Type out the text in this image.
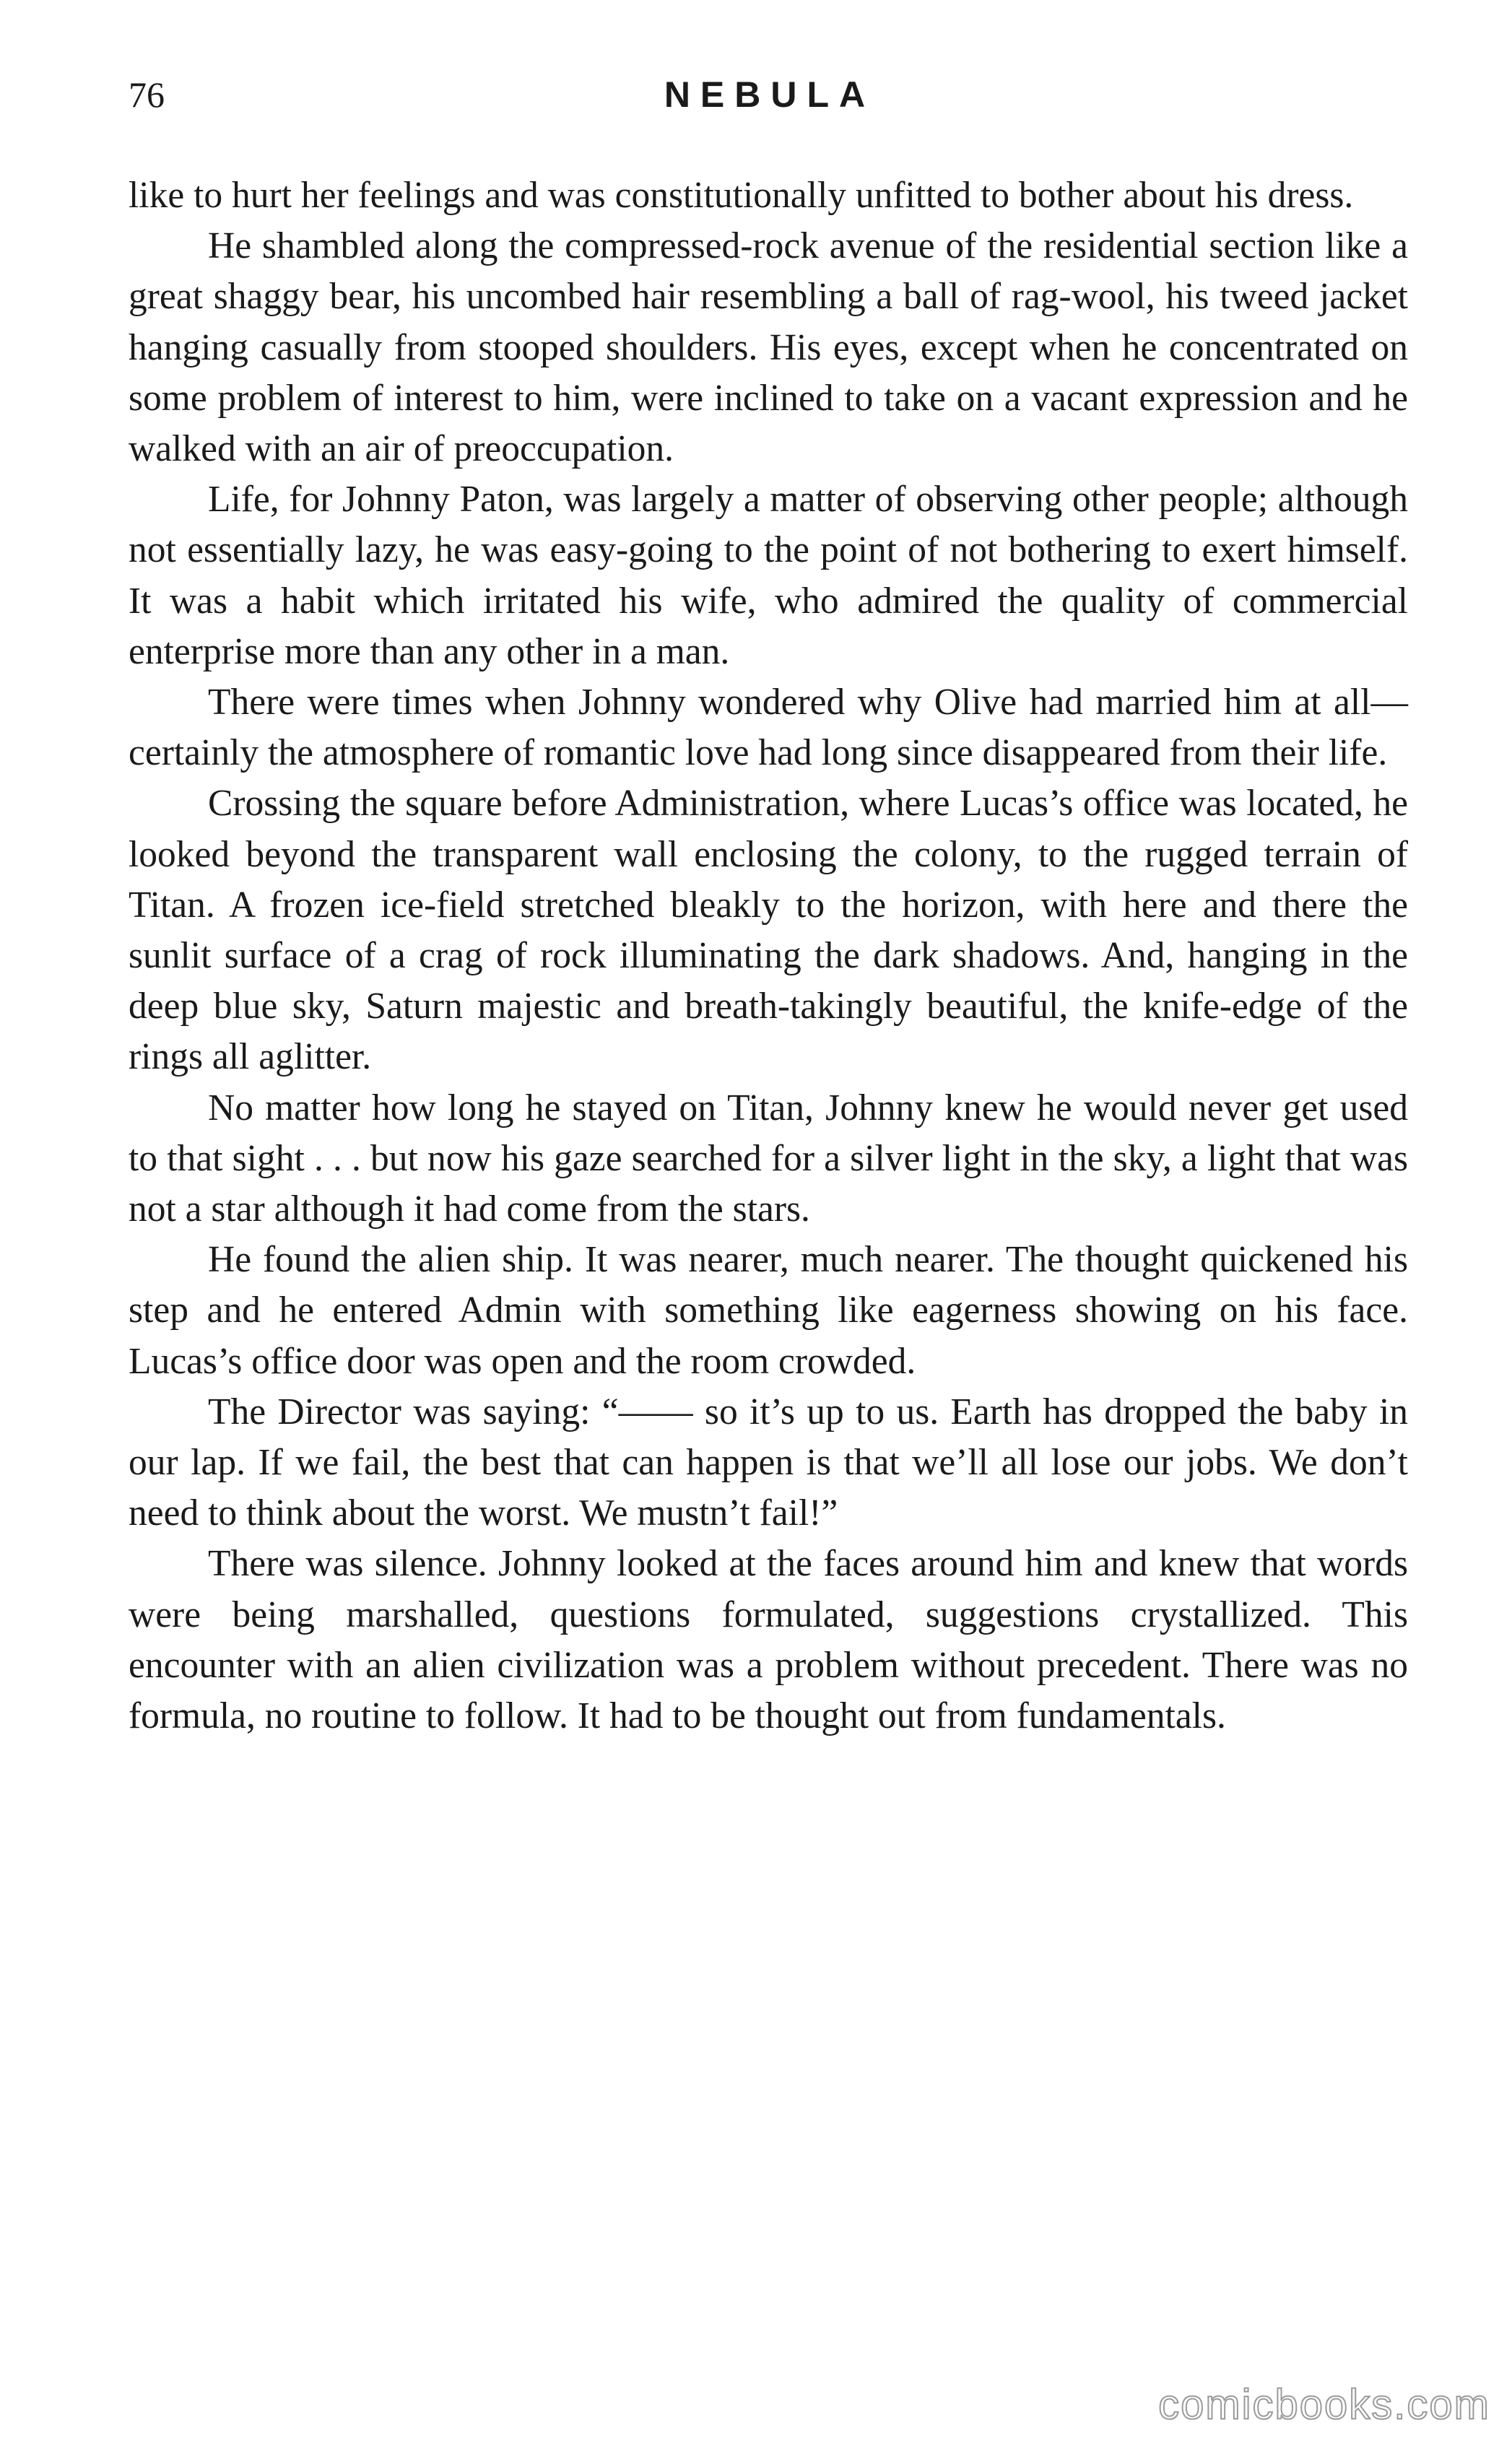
76	NEBULA

like to hurt her feelings and was constitutionally unfitted to bother about his dress.

He shambled along the compressed-rock avenue of the residential section like a great shaggy bear, his uncombed hair resembling a ball of rag-wool, his tweed jacket hanging casually from stooped shoulders. His eyes, except when he concentrated on some problem of interest to him, were inclined to take on a vacant expression and he walked with an air of preoccupation.

Life, for Johnny Paton, was largely a matter of observing other people; although not essentially lazy, he was easy-going to the point of not bothering to exert himself. It was a habit which irritated his wife, who admired the quality of commercial enterprise more than any other in a man.

There were times when Johnny wondered why Olive had married him at all—certainly the atmosphere of romantic love had long since disappeared from their life.

Crossing the square before Administration, where Lucas’s office was located, he looked beyond the transparent wall enclosing the colony, to the rugged terrain of Titan. A frozen ice-field stretched bleakly to the horizon, with here and there the sunlit surface of a crag of rock illuminating the dark shadows. And, hanging in the deep blue sky, Saturn majestic and breath-takingly beautiful, the knife-edge of the rings all aglitter.

No matter how long he stayed on Titan, Johnny knew he would never get used to that sight . . . but now his gaze searched for a silver light in the sky, a light that was not a star although it had come from the stars.

He found the alien ship. It was nearer, much nearer. The thought quickened his step and he entered Admin with something like eagerness showing on his face. Lucas’s office door was open and the room crowded.

The Director was saying: “—— so it’s up to us. Earth has dropped the baby in our lap. If we fail, the best that can happen is that we’ll all lose our jobs. We don’t need to think about the worst. We mustn’t fail!”

There was silence. Johnny looked at the faces around him and knew that words were being marshalled, questions formulated, suggestions crystallized. This encounter with an alien civilization was a problem without precedent. There was no formula, no routine to follow. It had to be thought out from fundamentals.

comicbooks.com
